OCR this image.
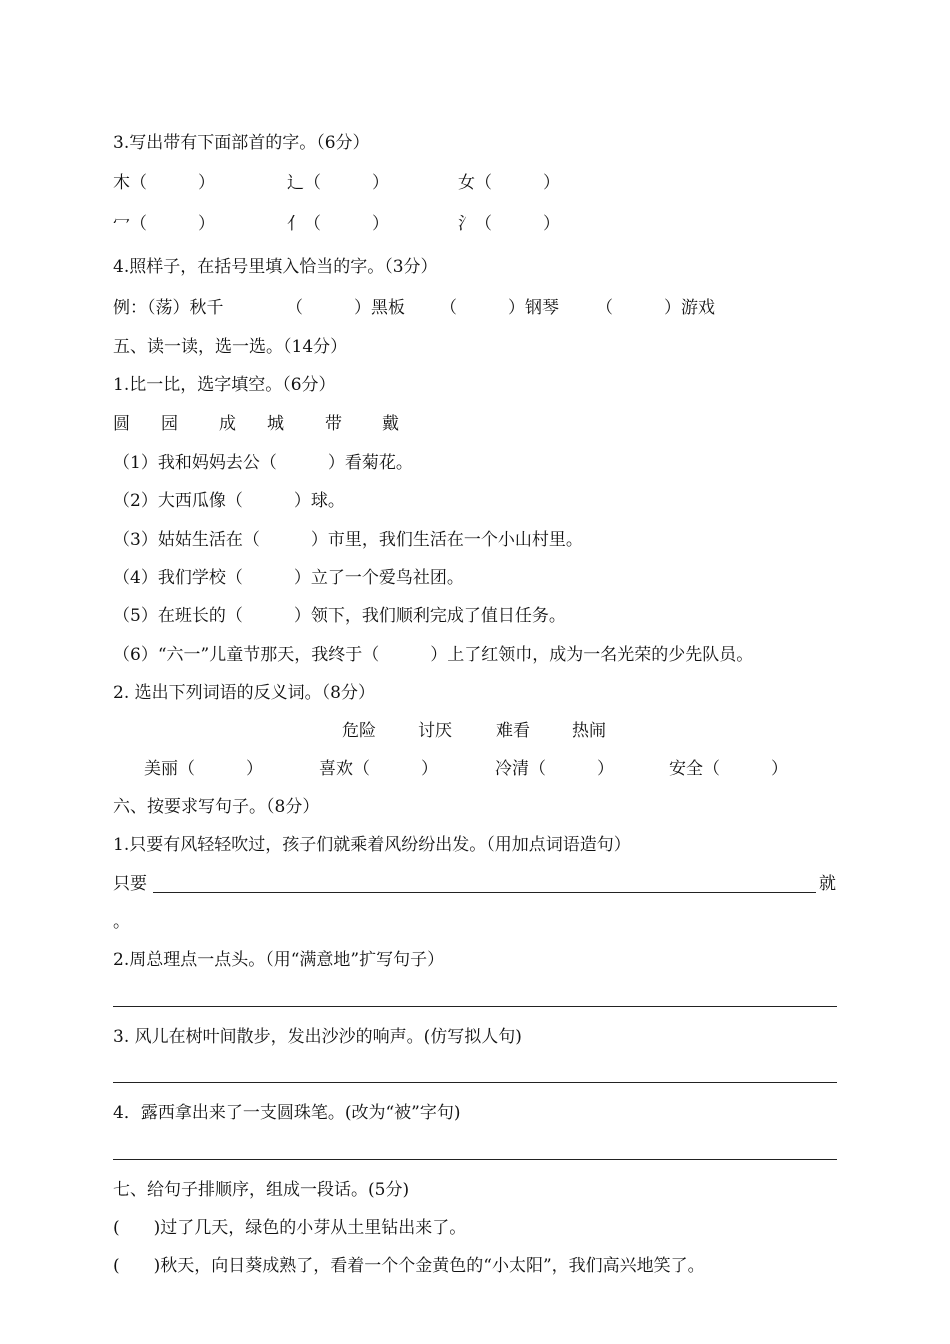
3.写出带有下面部首的字。（6分）
木（　　　）	辶（　　　）	女（　　　）
冖（　　　）	亻（　　　）	氵（　　　）
4.照样子，在括号里填入恰当的字。（3分）
例：（荡）秋千	（　　　）黑板 （　　　）钢琴 （　　　）游戏
五、读一读，选一选。（14分）
1.比一比，选字填空。（6分）
圆 园 成 城 带 戴
（1）我和妈妈去公（　　　）看菊花。
（2）大西瓜像（　　　）球。
（3）姑姑生活在（　　　）市里，我们生活在一个小山村里。
（4）我们学校（　　　）立了一个爱鸟社团。
（5）在班长的（　　　）领下，我们顺利完成了值日任务。
（6）“六一”儿童节那天，我终于（　　　）上了红领巾，成为一名光荣的少先队员。
2. 选出下列词语的反义词。（8分）
危险 讨厌	难看 热闹
美丽（　　　）	喜欢（　　　）	冷清（　　　）	安全（　　　）
六、按要求写句子。（8分）
1.只要有风轻轻吹过，孩子们就乘着风纷纷出发。（用加点词语造句）
只要	就
。
2.周总理点一点头。（用“满意地”扩写句子）
3. 风儿在树叶间散步，发出沙沙的响声。(仿写拟人句)
4．露西拿出来了一支圆珠笔。(改为“被”字句)
七、给句子排顺序，组成一段话。(5分)
(　　)过了几天，绿色的小芽从土里钻出来了。
(　　)秋天，向日葵成熟了，看着一个个金黄色的“小太阳”，我们高兴地笑了。
